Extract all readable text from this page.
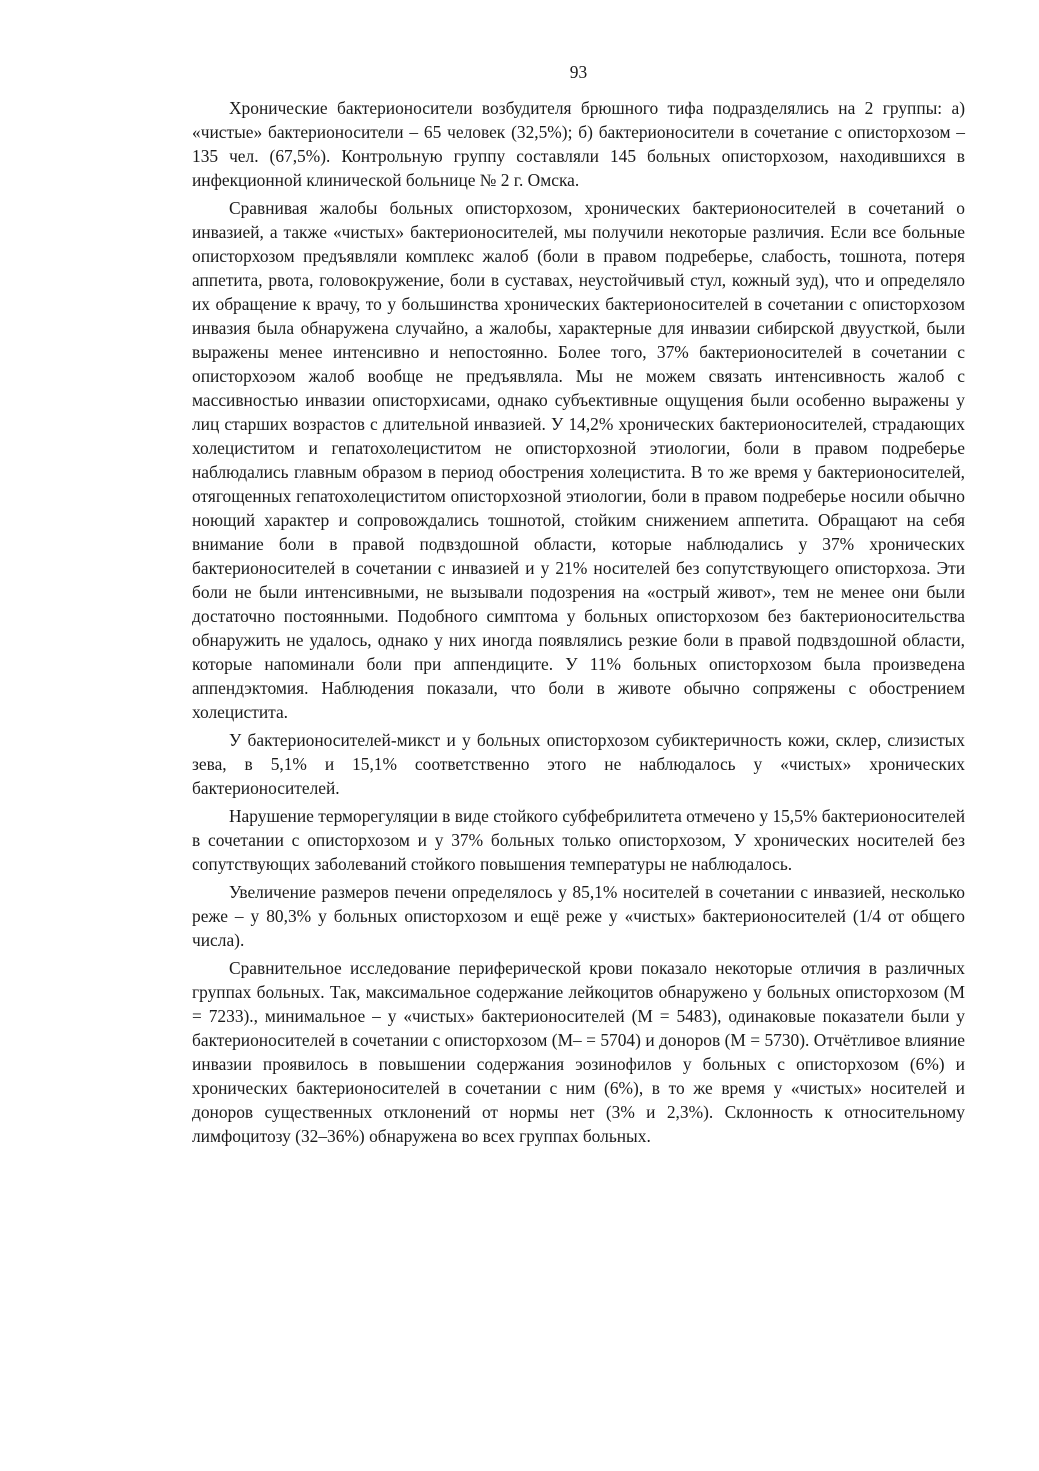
93

Хронические бактерионосители возбудителя брюшного тифа подразделялись на 2 группы: а) «чистые» бактерионосители – 65 человек (32,5%); б) бактерионосители в сочетание с описторхозом – 135 чел. (67,5%). Контрольную группу составляли 145 больных описторхозом, находившихся в инфекционной клинической больнице № 2 г. Омска.

Сравнивая жалобы больных описторхозом, хронических бактерионосителей в сочетаний о инвазией, а также «чистых» бактерионосителей, мы получили некоторые различия. Если все больные описторхозом предъявляли комплекс жалоб (боли в правом подреберье, слабость, тошнота, потеря аппетита, рвота, головокружение, боли в суставах, неустойчивый стул, кожный зуд), что и определяло их обращение к врачу, то у большинства хронических бактерионосителей в сочетании с описторхозом инвазия была обнаружена случайно, а жалобы, характерные для инвазии сибирской двуусткой, были выражены менее интенсивно и непостоянно. Более того, 37% бактерионосителей в сочетании с описторхоэом жалоб вообще не предъявляла. Мы не можем связать интенсивность жалоб с массивностью инвазии описторхисами, однако субъективные ощущения были особенно выражены у лиц старших возрастов с длительной инвазией. У 14,2% хронических бактерионосителей, страдающих холециститом и гепатохолециститом не описторхозной этиологии, боли в правом подреберье наблюдались главным образом в период обострения холецистита. В то же время у бактерионосителей, отягощенных гепатохолециститом описторхозной этиологии, боли в правом подреберье носили обычно ноющий характер и сопровождались тошнотой, стойким снижением аппетита. Обращают на себя внимание боли в правой подвздошной области, которые наблюдались у 37% хронических бактерионосителей в сочетании с инвазией и у 21% носителей без сопутствующего описторхоза. Эти боли не были интенсивными, не вызывали подозрения на «острый живот», тем не менее они были достаточно постоянными. Подобного симптома у больных описторхозом без бактерионосительства обнаружить не удалось, однако у них иногда появлялись резкие боли в правой подвздошной области, которые напоминали боли при аппендиците. У 11% больных описторхозом была произведена аппендэктомия. Наблюдения показали, что боли в животе обычно сопряжены с обострением холецистита.

У бактерионосителей-микст и у больных описторхозом субиктеричность кожи, склер, слизистых зева, в 5,1% и 15,1% соответственно этого не наблюдалось у «чистых» хронических бактерионосителей.

Нарушение терморегуляции в виде стойкого субфебрилитета отмечено у 15,5% бактерионосителей в сочетании с описторхозом и у 37% больных только описторхозом, У хронических носителей без сопутствующих заболеваний стойкого повышения температуры не наблюдалось.

Увеличение размеров печени определялось у 85,1% носителей в сочетании с инвазией, несколько реже – у 80,3% у больных описторхозом и ещё реже у «чистых» бактерионосителей (1/4 от общего числа).

Сравнительное исследование периферической крови показало некоторые отличия в различных группах больных. Так, максимальное содержание лейкоцитов обнаружено у больных описторхозом (М = 7233)., минимальное – у «чистых» бактерионосителей (М = 5483), одинаковые показатели были у бактерионосителей в сочетании с описторхозом (М– = 5704) и доноров (М = 5730). Отчётливое влияние инвазии проявилось в повышении содержания эозинофилов у больных с описторхозом (6%) и хронических бактерионосителей в сочетании с ним (6%), в то же время у «чистых» носителей и доноров существенных отклонений от нормы нет (3% и 2,3%). Склонность к относительному лимфоцитозу (32–36%) обнаружена во всех группах больных.
